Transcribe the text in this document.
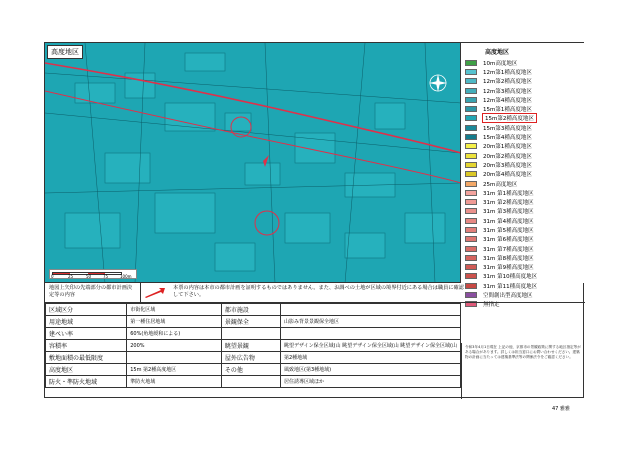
高度地区
0	25	50	75	100m
高度地区
10m高度地区
12m第1種高度地区
12m第2種高度地区
12m第3種高度地区
12m第4種高度地区
15m第1種高度地区
15m第2種高度地区
15m第3種高度地区
15m第4種高度地区
20m第1種高度地区
20m第2種高度地区
20m第3種高度地区
20m第4種高度地区
25m高度地区
31m 第1種高度地区
31m 第2種高度地区
31m 第3種高度地区
31m 第4種高度地区
31m 第5種高度地区
31m 第6種高度地区
31m 第7種高度地区
31m 第8種高度地区
31m 第9種高度地区
31m 第10種高度地区
31m 第11種高度地区
空間創出型高度地区
無指定
地図上矢印の先端部分の都市計画決定等の内容
本票の内容は本市の都市計画を証明するものではありません。また、お調べの土地が区域の境界付近にある場合は職員に確認して下さい。
区域区分	市街化区域	都市施設	
用途地域	第一種住居地域	景観保全	山影み背景景観保全地区
建ぺい率	60%(角地緩和による)		
容積率	200%	眺望景観	眺望デザイン保全区域(山 眺望デザイン保全区域(山 眺望デザイン保全区域(山
敷地面積の最低限度		屋外広告物	第2種地域
高度地区	15m 第2種高度地区	その他	風致地区(第3種地域)
防火・準防火地域	準防火地域		居住誘導区域ほか
令和3年4月1日現在 上記の他、京都市の景観政策に関する地区指定等がある場合があります。詳しくは担当窓口にお問い合わせください。建築物の計画に当たっては建築基準法等の関係法令をご確認ください。
47 雅雅
